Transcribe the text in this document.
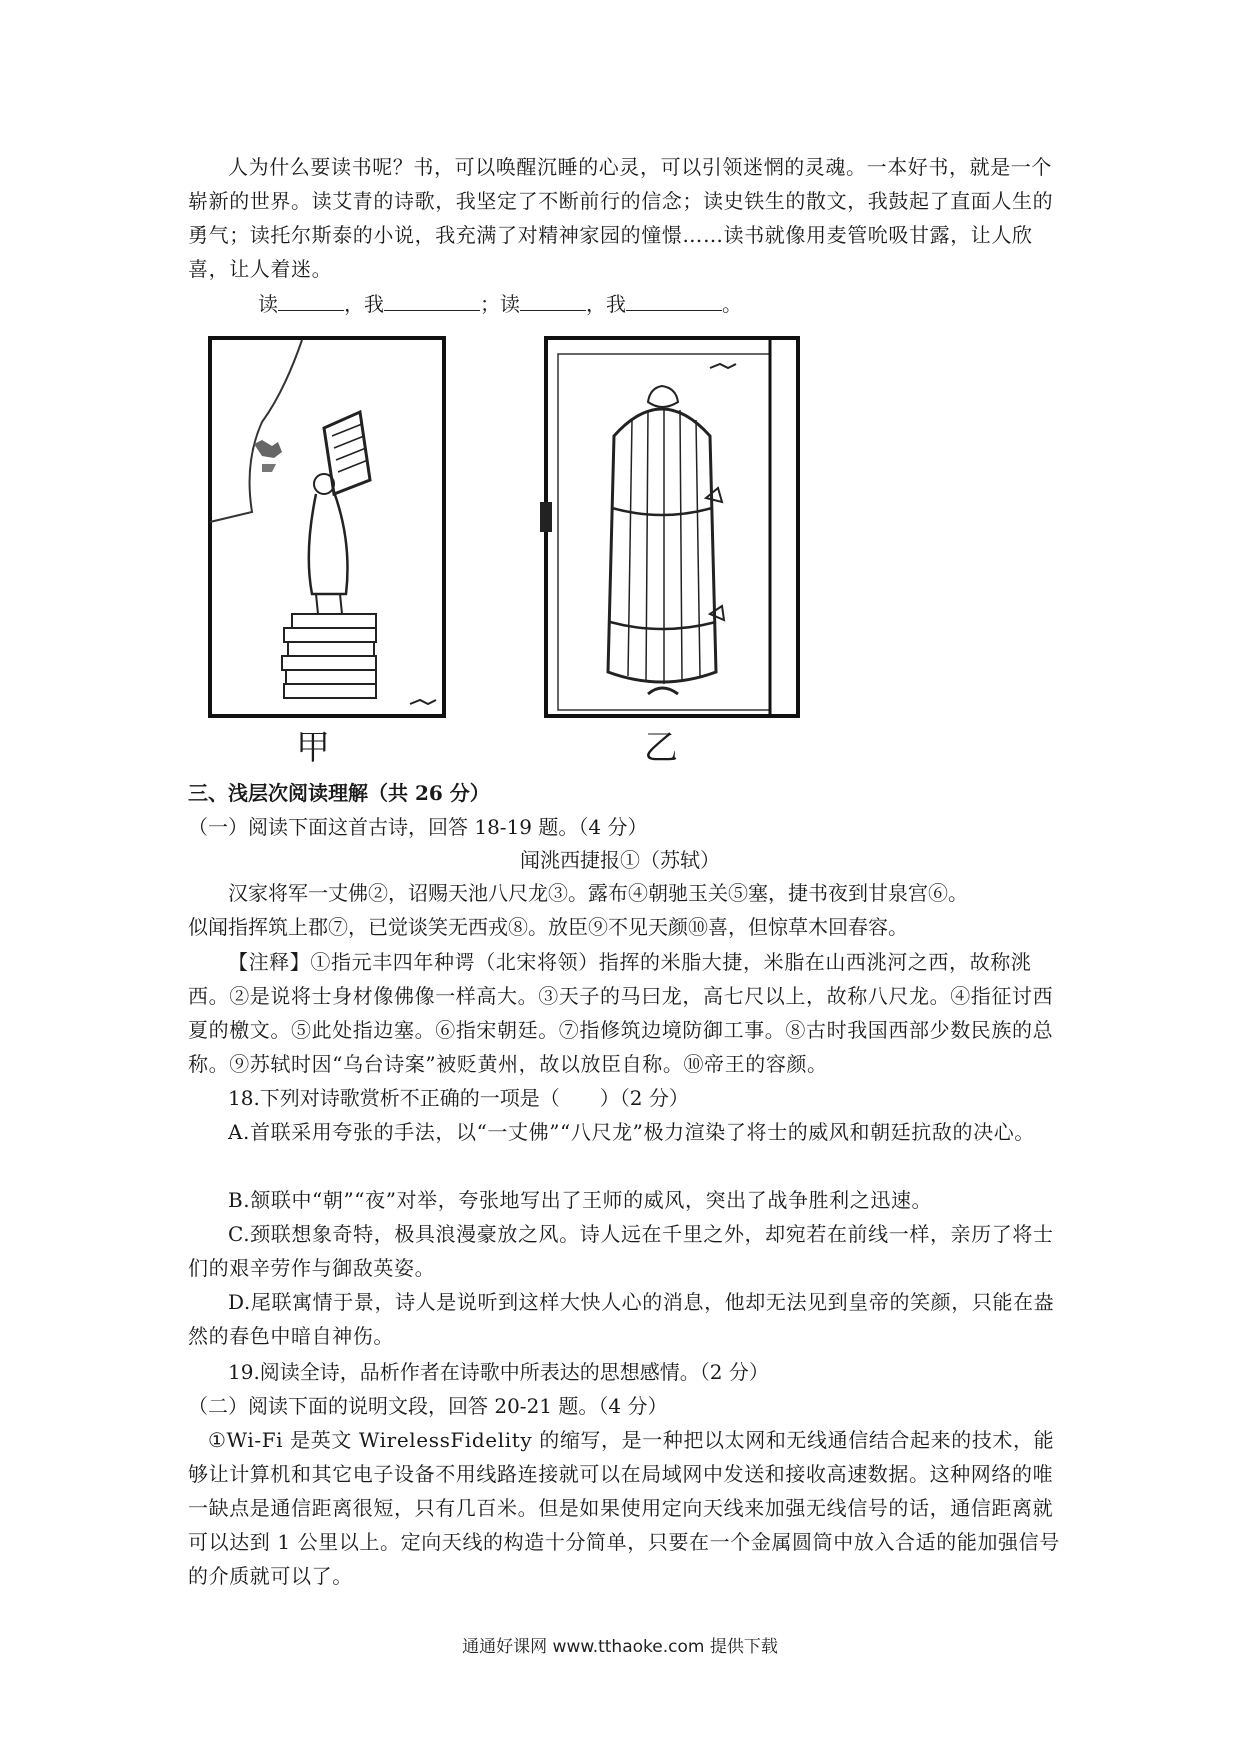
人为什么要读书呢？书，可以唤醒沉睡的心灵，可以引领迷惘的灵魂。一本好书，就是一个崭新的世界。读艾青的诗歌，我坚定了不断前行的信念；读史铁生的散文，我鼓起了直面人生的勇气；读托尔斯泰的小说，我充满了对精神家园的憧憬……读书就像用麦管吮吸甘露，让人欣喜，让人着迷。

读	，我	；读	，我	。
甲	乙
三、浅层次阅读理解（共 26 分）
（一）阅读下面这首古诗，回答 18-19 题。（4 分）
闻洮西捷报①（苏轼）
汉家将军一丈佛②，诏赐天池八尺龙③。露布④朝驰玉关⑤塞，捷书夜到甘泉宫⑥。
似闻指挥筑上郡⑦，已觉谈笑无西戎⑧。放臣⑨不见天颜⑩喜，但惊草木回春容。

【注释】①指元丰四年种谔（北宋将领）指挥的米脂大捷，米脂在山西洮河之西，故称洮西。②是说将士身材像佛像一样高大。③天子的马曰龙，高七尺以上，故称八尺龙。④指征讨西夏的檄文。⑤此处指边塞。⑥指宋朝廷。⑦指修筑边境防御工事。⑧古时我国西部少数民族的总称。⑨苏轼时因“乌台诗案”被贬黄州，故以放臣自称。⑩帝王的容颜。

18.下列对诗歌赏析不正确的一项是（　　）（2 分）

A.首联采用夸张的手法，以“一丈佛”“八尺龙”极力渲染了将士的威风和朝廷抗敌的决心。

B.颔联中“朝”“夜”对举，夸张地写出了王师的威风，突出了战争胜利之迅速。

C.颈联想象奇特，极具浪漫豪放之风。诗人远在千里之外，却宛若在前线一样，亲历了将士们的艰辛劳作与御敌英姿。

D.尾联寓情于景，诗人是说听到这样大快人心的消息，他却无法见到皇帝的笑颜，只能在盎然的春色中暗自神伤。

19.阅读全诗，品析作者在诗歌中所表达的思想感情。（2 分）
（二）阅读下面的说明文段，回答 20-21 题。（4 分）

①Wi-Fi 是英文 WirelessFidelity 的缩写，是一种把以太网和无线通信结合起来的技术，能够让计算机和其它电子设备不用线路连接就可以在局域网中发送和接收高速数据。这种网络的唯一缺点是通信距离很短，只有几百米。但是如果使用定向天线来加强无线信号的话，通信距离就可以达到 1 公里以上。定向天线的构造十分简单，只要在一个金属圆筒中放入合适的能加强信号的介质就可以了。

通通好课网 www.tthaoke.com 提供下载
